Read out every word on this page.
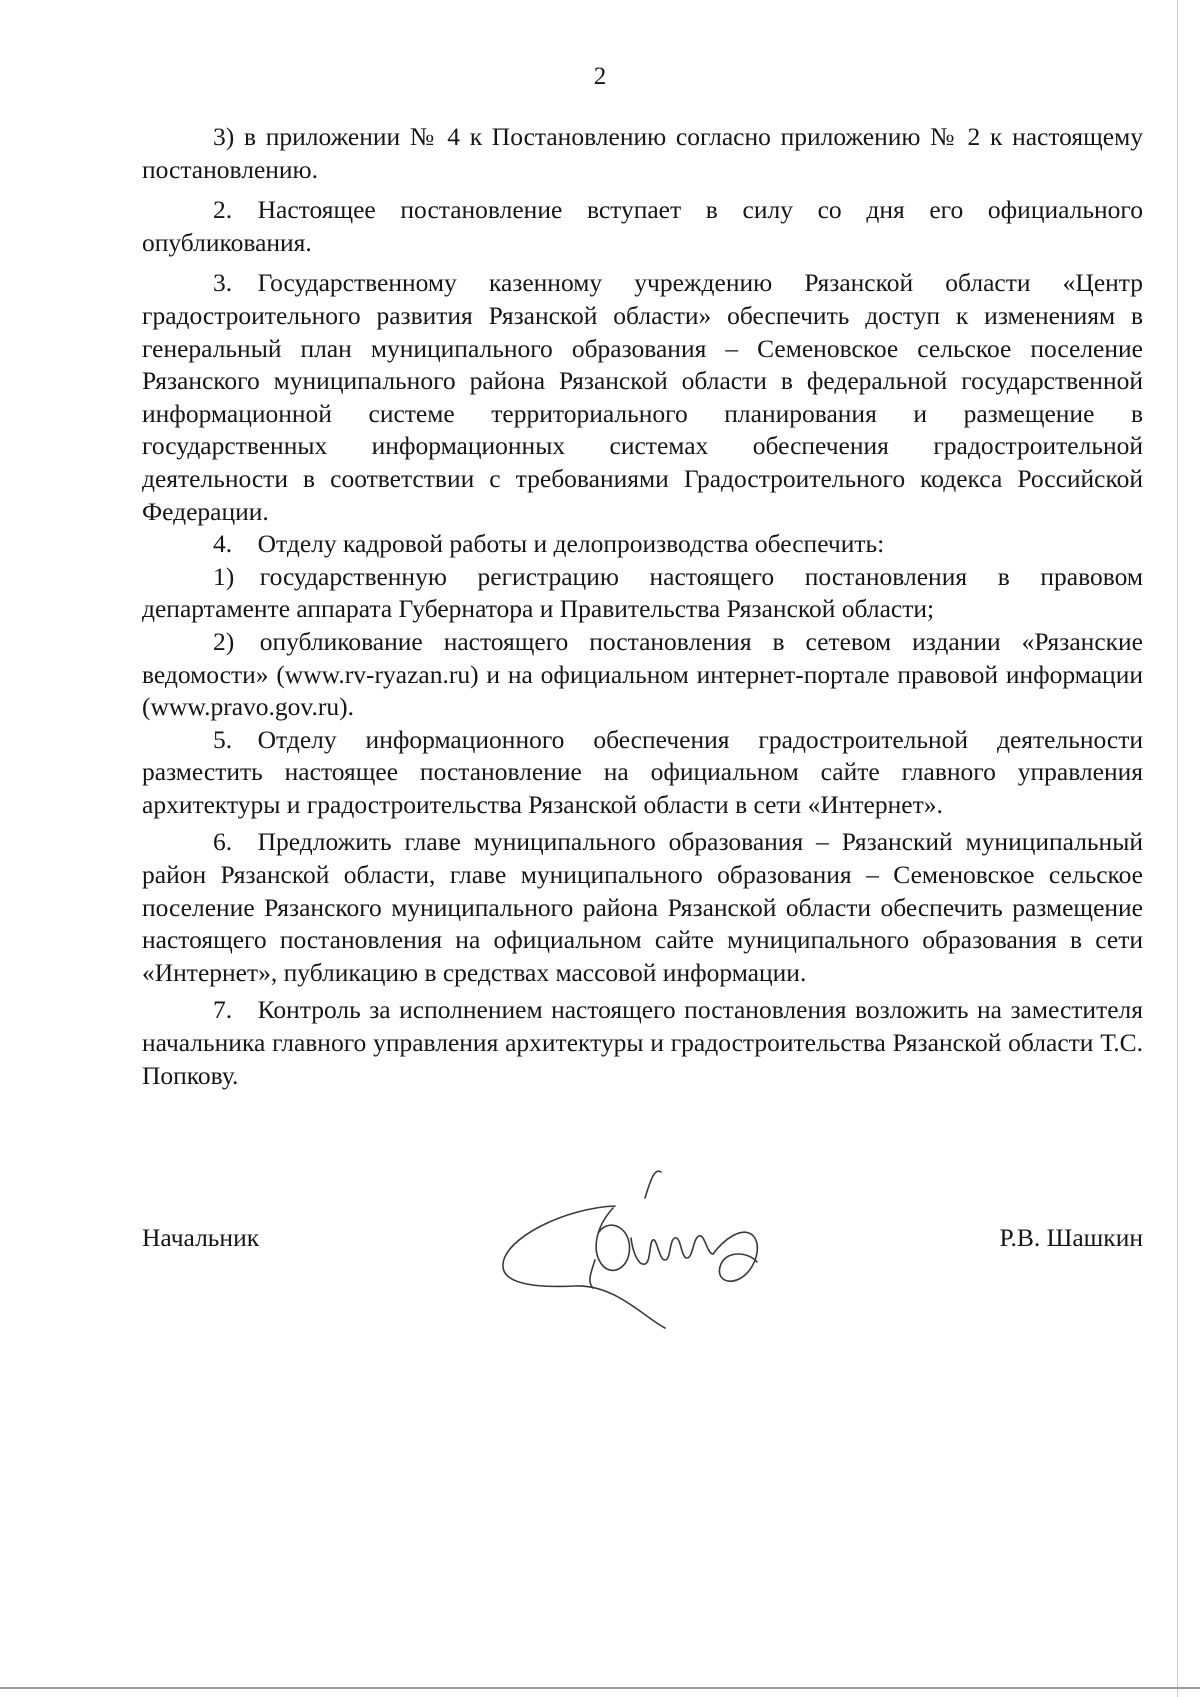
2

3) в приложении № 4 к Постановлению согласно приложению № 2 к настоящему постановлению.

2. Настоящее постановление вступает в силу со дня его официального опубликования.

3. Государственному казенному учреждению Рязанской области «Центр градостроительного развития Рязанской области» обеспечить доступ к изменениям в генеральный план муниципального образования – Семеновское сельское поселение Рязанского муниципального района Рязанской области в федеральной государственной информационной системе территориального планирования и размещение в государственных информационных системах обеспечения градостроительной деятельности в соответствии с требованиями Градостроительного кодекса Российской Федерации.

4. Отделу кадровой работы и делопроизводства обеспечить:

1) государственную регистрацию настоящего постановления в правовом департаменте аппарата Губернатора и Правительства Рязанской области;

2) опубликование настоящего постановления в сетевом издании «Рязанские ведомости» (www.rv-ryazan.ru) и на официальном интернет-портале правовой информации (www.pravo.gov.ru).

5. Отделу информационного обеспечения градостроительной деятельности разместить настоящее постановление на официальном сайте главного управления архитектуры и градостроительства Рязанской области в сети «Интернет».

6. Предложить главе муниципального образования – Рязанский муниципальный район Рязанской области, главе муниципального образования – Семеновское сельское поселение Рязанского муниципального района Рязанской области обеспечить размещение настоящего постановления на официальном сайте муниципального образования в сети «Интернет», публикацию в средствах массовой информации.

7. Контроль за исполнением настоящего постановления возложить на заместителя начальника главного управления архитектуры и градостроительства Рязанской области Т.С. Попкову.

Начальник	Р.В. Шашкин
